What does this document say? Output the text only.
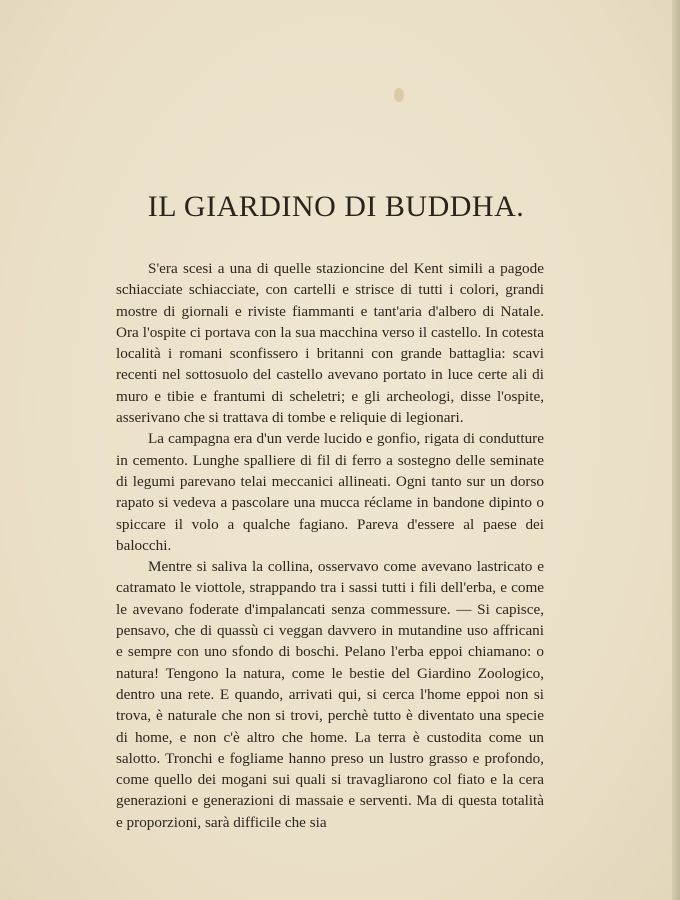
IL GIARDINO DI BUDDHA.

S'era scesi a una di quelle stazioncine del Kent simili a pagode schiacciate schiacciate, con cartelli e strisce di tutti i colori, grandi mostre di giornali e riviste fiammanti e tant'aria d'albero di Natale. Ora l'ospite ci portava con la sua macchina verso il castello. In cotesta località i romani sconfissero i britanni con grande battaglia: scavi recenti nel sottosuolo del castello avevano portato in luce certe ali di muro e tibie e frantumi di scheletri; e gli archeologi, disse l'ospite, asserivano che si trattava di tombe e reliquie di legionari.

La campagna era d'un verde lucido e gonfio, rigata di condutture in cemento. Lunghe spalliere di fil di ferro a sostegno delle seminate di legumi parevano telai meccanici allineati. Ogni tanto sur un dorso rapato si vedeva a pascolare una mucca réclame in bandone dipinto o spiccare il volo a qualche fagiano. Pareva d'essere al paese dei balocchi.

Mentre si saliva la collina, osservavo come avevano lastricato e catramato le viottole, strappando tra i sassi tutti i fili dell'erba, e come le avevano foderate d'impalancati senza commessure. — Si capisce, pensavo, che di quassù ci veggan davvero in mutandine uso affricani e sempre con uno sfondo di boschi. Pelano l'erba eppoi chiamano: o natura! Tengono la natura, come le bestie del Giardino Zoologico, dentro una rete. E quando, arrivati qui, si cerca l'home eppoi non si trova, è naturale che non si trovi, perchè tutto è diventato una specie di home, e non c'è altro che home. La terra è custodita come un salotto. Tronchi e fogliame hanno preso un lustro grasso e profondo, come quello dei mogani sui quali si travagliarono col fiato e la cera generazioni e generazioni di massaie e serventi. Ma di questa totalità e proporzioni, sarà difficile che sia
